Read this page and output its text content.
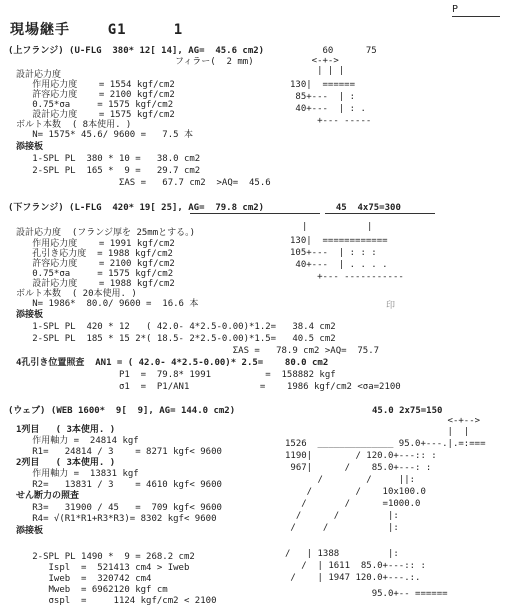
現場継手    G1     1
P
(上フランジ) (U-FLG  380* 12[ 14], AG=  45.6 cm2)
フィラー(  2 mm)
設計応力度
作用応力度    = 1554 kgf/cm2
許容応力度    = 2100 kgf/cm2
0.75*σa     = 1575 kgf/cm2
設計応力度    = 1575 kgf/cm2
ボルト本数  ( 8本使用. )
N= 1575* 45.6/ 9600 =   7.5 本
添接板
1-SPL PL  380 * 10 =   38.0 cm2
2-SPL PL  165 *  9 =   29.7 cm2
ΣAS =   67.7 cm2  >AQ=  45.6
60      75
<-+->
| | |
130|  ======
85+---  | :
40+---  | : .
+--- -----
(下フランジ) (L-FLG  420* 19[ 25], AG=  79.8 cm2)	45  4x75=300
設計応力度  (フランジ厚を 25mmとする。)
作用応力度    = 1991 kgf/cm2
孔引き応力度  = 1988 kgf/cm2
許容応力度    = 2100 kgf/cm2
0.75*σa     = 1575 kgf/cm2
設計応力度    = 1988 kgf/cm2
ボルト本数  ( 20本使用. )
N= 1986*  80.0/ 9600 =  16.6 本
添接板
1-SPL PL  420 * 12   ( 42.0- 4*2.5-0.00)*1.2=   38.4 cm2
2-SPL PL  185 * 15 2*( 18.5- 2*2.5-0.00)*1.5=   40.5 cm2
ΣAS =   78.9 cm2 >AQ=  75.7
4孔引き位置照査  AN1 = ( 42.0- 4*2.5-0.00)* 2.5=    80.0 cm2
P1  =  79.8* 1991          =  158882 kgf
σ1  =  P1/AN1             =    1986 kgf/cm2 <σa=2100
印
|           |
130|  ============
105+---  | : : :
40+---  | . . . .
+--- -----------
(ウェブ) (WEB 1600*  9[  9], AG= 144.0 cm2)	45.0 2x75=150
1列目   ( 3本使用. )
作用軸力 =  24814 kgf
R1=   24814 / 3    = 8271 kgf< 9600
2列目   ( 3本使用. )
作用軸力 =  13831 kgf
R2=   13831 / 3    = 4610 kgf< 9600
せん断力の照査
R3=   31900 / 45   =  709 kgf< 9600
R4= √(R1*R1+R3*R3)= 8302 kgf< 9600
添接板
2-SPL PL 1490 *  9 = 268.2 cm2
Ispl  =  521413 cm4 > Iweb
Iweb  =  320742 cm4
Mweb  = 6962120 kgf cm
σspl  =     1124 kgf/cm2 < 2100
<-+-->
|  |
1526  ______________ 95.0+---.|.=:===
1190|        / 120.0+---:: :
967|      /    85.0+---: :
/        /     ||:
/        /    10x100.0
/       /      =1000.0
/      /         |:
/     /           |:
/   | 1388         |:
/  | 1611  85.0+---:: :
/    | 1947 120.0+---.:.
95.0+-- ======
